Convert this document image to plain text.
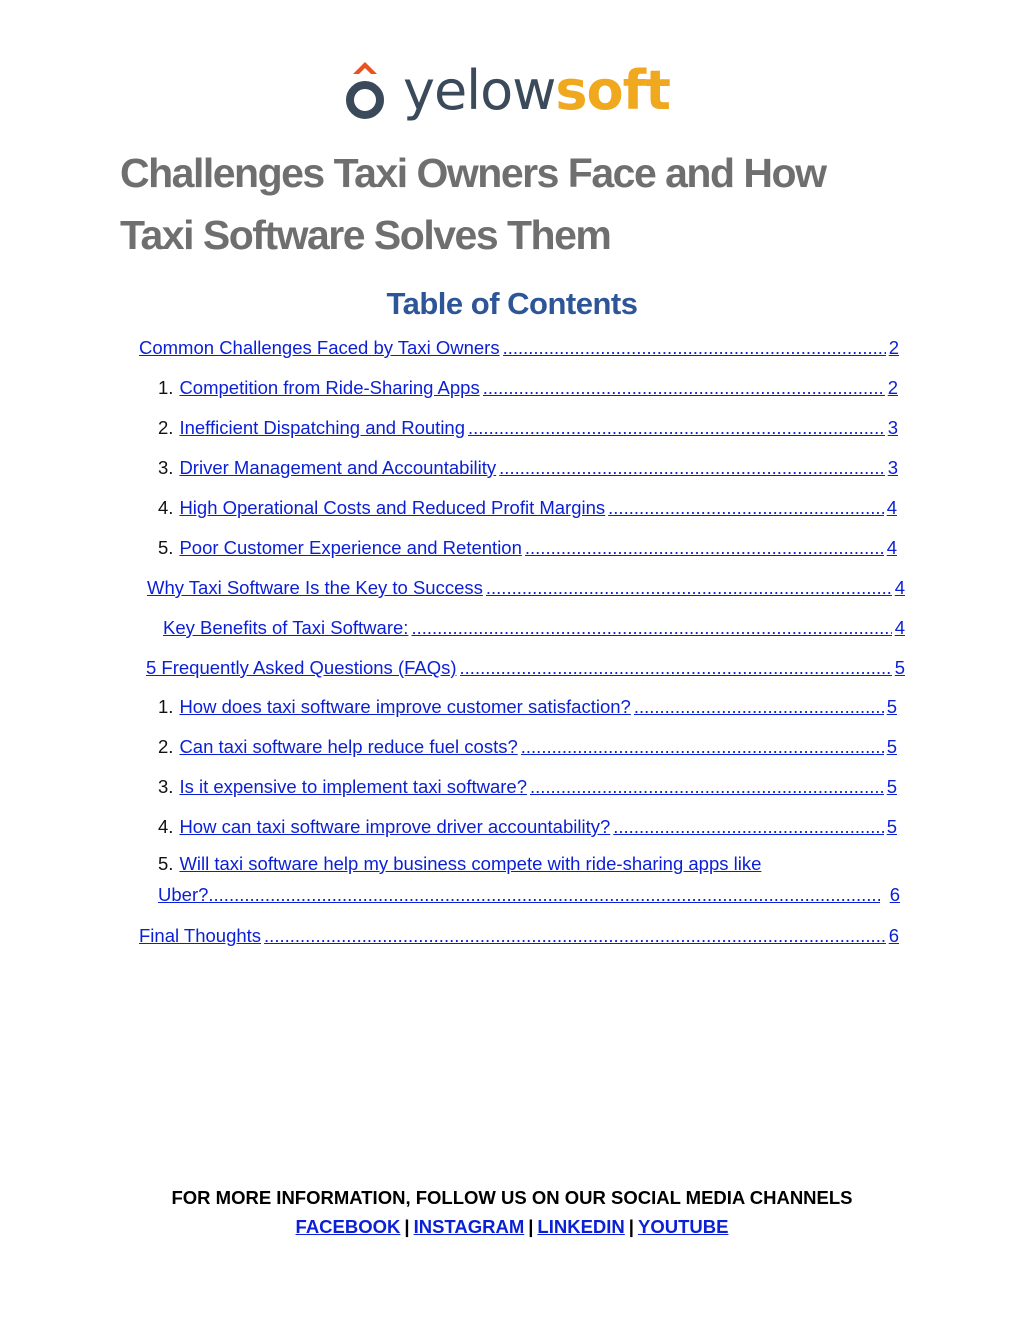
yelowsoft
Challenges Taxi Owners Face and How Taxi Software Solves Them
Table of Contents
Common Challenges Faced by Taxi Owners .....	2
1. Competition from Ride-Sharing Apps .....	2
2. Inefficient Dispatching and Routing .....	3
3. Driver Management and Accountability .....	3
4. High Operational Costs and Reduced Profit Margins .....	4
5. Poor Customer Experience and Retention .....	4
Why Taxi Software Is the Key to Success .....	4
Key Benefits of Taxi Software: .....	4
5 Frequently Asked Questions (FAQs) .....	5
1. How does taxi software improve customer satisfaction? .....	5
2. Can taxi software help reduce fuel costs? .....	5
3. Is it expensive to implement taxi software? .....	5
4. How can taxi software improve driver accountability? .....	5
5. Will taxi software help my business compete with ride-sharing apps like
Uber? .....	6
Final Thoughts .....	6
FOR MORE INFORMATION, FOLLOW US ON OUR SOCIAL MEDIA CHANNELS
FACEBOOK | INSTAGRAM | LINKEDIN | YOUTUBE
